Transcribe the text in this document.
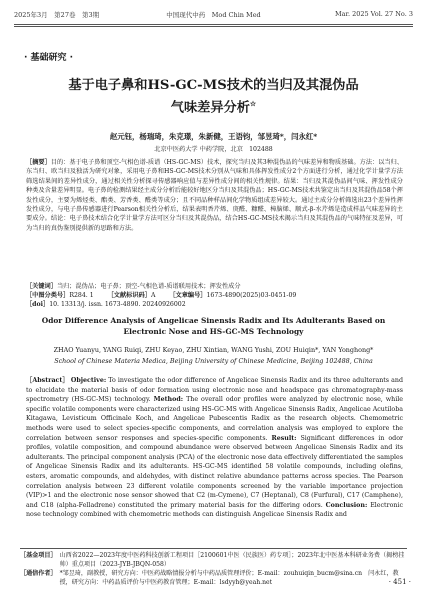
2025年3月　第27卷　第3期	中国现代中药　Mod Chin Med	Mar. 2025 Vol. 27 No. 3
· 基础研究 ·
基于电子鼻和HS-GC-MS技术的当归及其混伪品
气味差异分析☆
赵元钰，杨瑞琦，朱克璟，朱新健，王语钧，邹昱琦*，闫永红*
北京中医药大学 中药学院，北京　102488
［摘要］目的：基于电子鼻和顶空-气相色谱-质谱（HS-GC-MS）技术，探究当归及其3种混伪品的气味差异和物质基础。方法：以当归、东当归、欧当归及独活为研究对象，采用电子鼻和HS-GC-MS技术分别从气味和具体挥发性成分2个方面进行分析，通过化学计量学方法筛选结果间的差异性成分，通过相关性分析探寻传感器响应值与差异性成分间的相关性规律。结果：当归及其混伪品间气味、挥发性成分种类及含量差异明显。电子鼻的检测结果经主成分分析后能较好地区分当归及其混伪品；HS-GC-MS技术共鉴定出当归及其混伪品58个挥发性成分，主要为烯烃类、酯类、芳香类、醛类等成分；且不同品种样品间化学物质组成差异较大。通过主成分分析筛选出23个差异性挥发性成分，与电子鼻传感器进行Pearson相关性分析后，结果表明香芹烯、庚醛、糠醛、樟脑烯、顺式-β-水芹烯是造成样品气味差异的主要成分。结论：电子鼻技术结合化学计量学方法可区分当归及其混伪品，结合HS-GC-MS技术揭示当归及其混伪品的气味特征及差异，可为当归的真伪鉴别提供新的思路和方法。
［关键词］当归；混伪品；电子鼻；顶空-气相色谱-质谱联用技术；挥发性成分
［中图分类号］R284. 1 ［文献标识码］A ［文章编号］1673-4890(2025)03-0451-09
［doi］10. 13313/j. issn. 1673-4890. 20240926002
Odor Difference Analysis of Angelicae Sinensis Radix and Its Adulterants Based on
Electronic Nose and HS-GC-MS Technology
ZHAO Yuanyu, YANG Ruiqi, ZHU Keyao, ZHU Xintian, WANG Yushi, ZOU Huiqin*, YAN Yonghong*
School of Chinese Materia Medica, Beijing University of Chinese Medicine, Beijing 102488, China
［Abstract］ Objective: To investigate the odor difference of Angelicae Sinensis Radix and its three adulterants and to elucidate the material basis of odor formation using electronic nose and headspace gas chromatography-mass spectrometry (HS-GC-MS) technology. Method: The overall odor profiles were analyzed by electronic nose, while specific volatile components were characterized using HS-GC-MS with Angelicae Sinensis Radix, Angelicae Acutiloba Kitagawa, Levisticum Officinale Koch, and Angelicae Pubescentis Radix as the research objects. Chemometric methods were used to select species-specific components, and correlation analysis was employed to explore the correlation between sensor responses and species-specific components. Result: Significant differences in odor profiles, volatile composition, and compound abundance were observed between Angelicae Sinensis Radix and its adulterants. The principal component analysis (PCA) of the electronic nose data effectively differentiated the samples of Angelicae Sinensis Radix and its adulterants. HS-GC-MS identified 58 volatile compounds, including olefins, esters, aromatic compounds, and aldehydes, with distinct relative abundance patterns across species. The Pearson correlation analysis between 23 different volatile components screened by the variable importance projection (VIP)>1 and the electronic nose sensor showed that C2 (m-Cymene), C7 (Heptanal), C8 (Furfural), C17 (Camphene), and C18 (alpha-Felladrene) constituted the primary material basis for the differing odors. Conclusion: Electronic nose technology combined with chemometric methods can distinguish Angelicae Sinensis Radix and
［基金项目］ 山西省2022—2023年度中医药科技创新工程项目［2100601中医（民族医）药专项］；2023年北中医基本科研业务费（揭榜挂帅）重点项目（2023-JYB-JBQN-058）
［通信作者］ *邹昱琦，副教授，研究方向：中医药战略情报分析与中药品质管理评价；E-mail：zouhuiqin_bucm@sina.cn　闫永红，教授，研究方向：中药品质评价与中医药教育管理；E-mail：lsdyyh@yeah.net	· 451 ·
